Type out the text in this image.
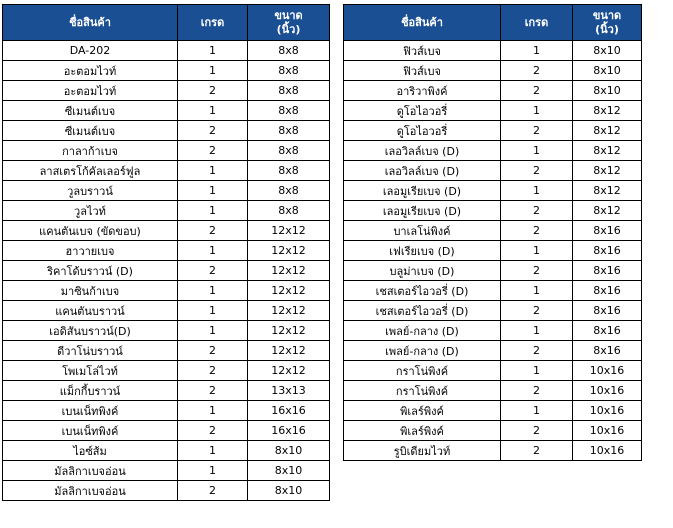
ชื่อสินค้า	เกรด	ขนาด
(นิ้ว)

DA-202	1	8x8
อะตอมไวท์	1	8x8
อะตอมไวท์	2	8x8
ซีเมนต์เบจ	1	8x8
ซีเมนต์เบจ	2	8x8
กาลาก้าเบจ	2	8x8
ลาสเตรโก้คัลเลอร์ฟูล	1	8x8
วูลบราวน์	1	8x8
วูลไวท์	1	8x8
แคนตันเบจ (ขัดขอบ)	2	12x12
ฮาวายเบจ	1	12x12
ริคาโด้บราวน์ (D)	2	12x12
มาซินก้าเบจ	1	12x12
แคนตันบราวน์	1	12x12
เอดิสันบราวน์(D)	1	12x12
ดีวาโน่บราวน์	2	12x12
โพเมโล่ไวท์	2	12x12
แม็กกี้บราวน์	2	13x13
เบนเน็ทพิงค์	1	16x16
เบนเน็ทพิงค์	2	16x16
ไอซ์ส้ม	1	8x10
มัลลิกาเบจอ่อน	1	8x10
มัลลิกาเบจอ่อน	2	8x10
ชื่อสินค้า	เกรด	ขนาด
(นิ้ว)

ฟิวส์เบจ	1	8x10
ฟิวส์เบจ	2	8x10
อาริวาพิงค์	2	8x10
ดูโอไอวอรี่	1	8x12
ดูโอไอวอรี่	2	8x12
เลอวิลล์เบจ (D)	1	8x12
เลอวิลล์เบจ (D)	2	8x12
เลอมูเรียเบจ (D)	1	8x12
เลอมูเรียเบจ (D)	2	8x12
บาเลโน่พิงค์	2	8x16
เฟเรียเบจ (D)	1	8x16
บลูม่าเบจ (D)	2	8x16
เชสเตอร์ไอวอรี่ (D)	1	8x16
เชสเตอร์ไอวอรี่ (D)	2	8x16
เพลย์-กลาง (D)	1	8x16
เพลย์-กลาง (D)	2	8x16
กราโน่พิงค์	1	10x16
กราโน่พิงค์	2	10x16
พิเลร์พิงค์	1	10x16
พิเลร์พิงค์	2	10x16
รูบิเดียมไวท์	2	10x16
